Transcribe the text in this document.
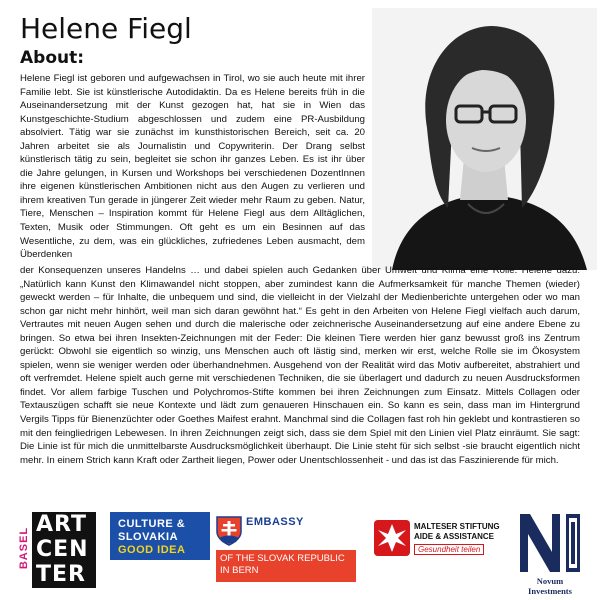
Helene Fiegl
About:

Helene Fiegl ist geboren und aufgewachsen in Tirol, wo sie auch heute mit ihrer Familie lebt. Sie ist künstlerische Autodidaktin. Da es Helene bereits früh in die Auseinandersetzung mit der Kunst gezogen hat, hat sie in Wien das Kunstgeschichte-Studium abgeschlossen und zudem eine PR-Ausbildung absolviert. Tätig war sie zunächst im kunsthistorischen Bereich, seit ca. 20 Jahren arbeitet sie als Journalistin und Copywriterin. Der Drang selbst künstlerisch tätig zu sein, begleitet sie schon ihr ganzes Leben. Es ist ihr über die Jahre gelungen, in Kursen und Workshops bei verschiedenen DozentInnen ihre eigenen künstlerischen Ambitionen nicht aus den Augen zu verlieren und ihrem kreativen Tun gerade in jüngerer Zeit wieder mehr Raum zu geben. Natur, Tiere, Menschen – Inspiration kommt für Helene Fiegl aus dem Alltäglichen, Texten, Musik oder Stimmungen. Oft geht es um ein Besinnen auf das Wesentliche, zu dem, was ein glückliches, zufriedenes Leben ausmacht, dem Überdenken

der Konsequenzen unseres Handelns … und dabei spielen auch Gedanken über Umwelt und Klima eine Rolle. Helene dazu: „Natürlich kann Kunst den Klimawandel nicht stoppen, aber zumindest kann die Aufmerksamkeit für manche Themen (wieder) geweckt werden – für Inhalte, die unbequem und sind, die vielleicht in der Vielzahl der Medienberichte untergehen oder wo man schon gar nicht mehr hinhört, weil man sich daran gewöhnt hat.“ Es geht in den Arbeiten von Helene Fiegl vielfach auch darum, Vertrautes mit neuen Augen sehen und durch die malerische oder zeichnerische Auseinandersetzung auf eine andere Ebene zu bringen. So etwa bei ihren Insekten-Zeichnungen mit der Feder: Die kleinen Tiere werden hier ganz bewusst groß ins Zentrum gerückt: Obwohl sie eigentlich so winzig, uns Menschen auch oft lästig sind, merken wir erst, welche Rolle sie im Ökosystem spielen, wenn sie weniger werden oder überhandnehmen. Ausgehend von der Realität wird das Motiv aufbereitet, abstrahiert und oft verfremdet. Helene spielt auch gerne mit verschiedenen Techniken, die sie überlagert und dadurch zu neuen Ausdrucksformen findet. Vor allem farbige Tuschen und Polychromos-Stifte kommen bei ihren Zeichnungen zum Einsatz. Mittels Collagen oder Textauszügen schafft sie neue Kontexte und lädt zum genaueren Hinschauen ein. So kann es sein, dass man im Hintergrund Vergils Tipps für Bienenzüchter oder Goethes Maifest erahnt. Manchmal sind die Collagen fast roh hin geklebt und kontrastieren so mit den feingliedrigen Lebewesen. In ihren Zeichnungen zeigt sich, dass sie dem Spiel mit den Linien viel Platz einräumt. Sie sagt: Die Linie ist für mich die unmittelbarste Ausdrucksmöglichkeit überhaupt. Die Linie steht für sich selbst -sie braucht eigentlich nicht mehr. In einem Strich kann Kraft oder Zartheit liegen, Power oder Unentschlossenheit - und das ist das Faszinierende für mich.

BASEL
ART
CEN
TER
CULTURE &
SLOVAKIA
GOOD IDEA
EMBASSY
OF THE SLOVAK REPUBLIC
IN BERN
MALTESER STIFTUNG
AIDE & ASSISTANCE
Gesundheit teilen
Novum Investments
